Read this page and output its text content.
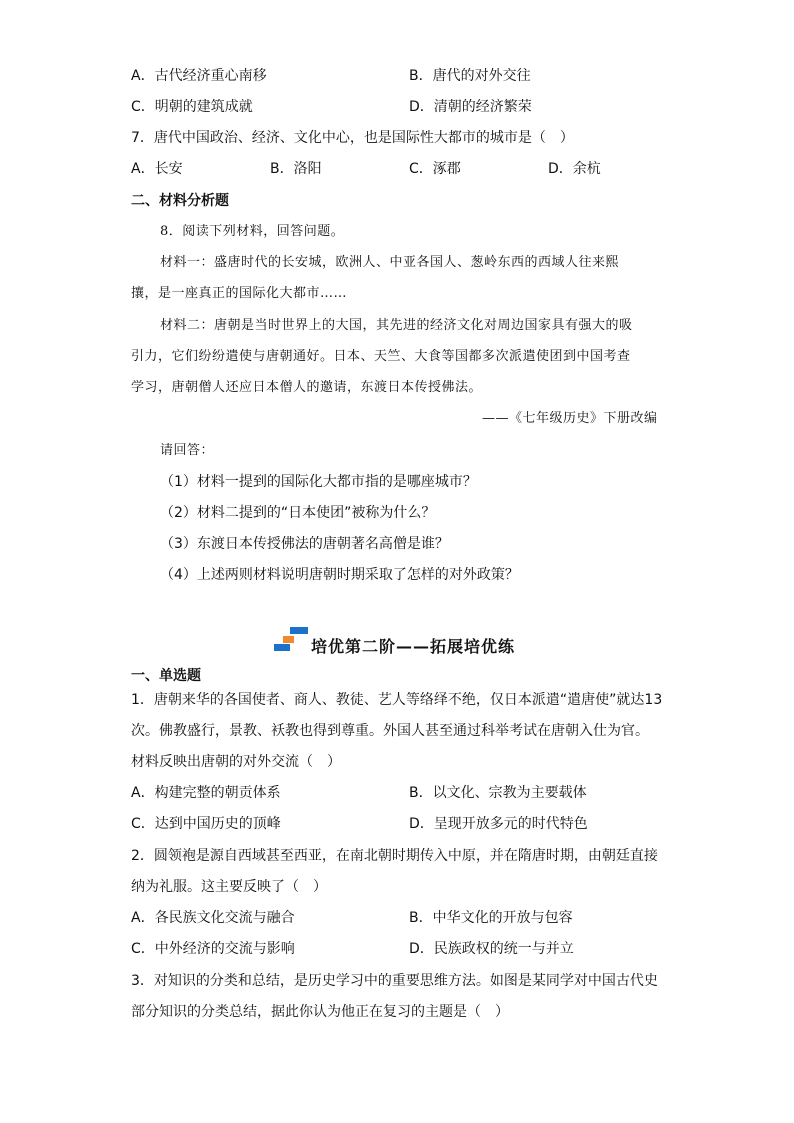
A．古代经济重心南移	B．唐代的对外交往
C．明朝的建筑成就	D．清朝的经济繁荣
7．唐代中国政治、经济、文化中心，也是国际性大都市的城市是（　）
A．长安	B．洛阳	C．涿郡	D．余杭
二、材料分析题
8．阅读下列材料，回答问题。
材料一：盛唐时代的长安城，欧洲人、中亚各国人、葱岭东西的西域人往来熙
攘，是一座真正的国际化大都市……
材料二：唐朝是当时世界上的大国，其先进的经济文化对周边国家具有强大的吸
引力，它们纷纷遣使与唐朝通好。日本、天竺、大食等国都多次派遣使团到中国考查
学习，唐朝僧人还应日本僧人的邀请，东渡日本传授佛法。
——《七年级历史》下册改编
请回答：
（1）材料一提到的国际化大都市指的是哪座城市？
（2）材料二提到的“日本使团”被称为什么？
（3）东渡日本传授佛法的唐朝著名高僧是谁？
（4）上述两则材料说明唐朝时期采取了怎样的对外政策？
培优第二阶——拓展培优练
一、单选题
1．唐朝来华的各国使者、商人、教徒、艺人等络绎不绝，仅日本派遣“遣唐使”就达13
次。佛教盛行，景教、袄教也得到尊重。外国人甚至通过科举考试在唐朝入仕为官。
材料反映出唐朝的对外交流（　）
A．构建完整的朝贡体系	B．以文化、宗教为主要载体
C．达到中国历史的顶峰	D．呈现开放多元的时代特色
2．圆领袍是源自西域甚至西亚，在南北朝时期传入中原，并在隋唐时期，由朝廷直接
纳为礼服。这主要反映了（　）
A．各民族文化交流与融合	B．中华文化的开放与包容
C．中外经济的交流与影响	D．民族政权的统一与并立
3．对知识的分类和总结，是历史学习中的重要思维方法。如图是某同学对中国古代史
部分知识的分类总结，据此你认为他正在复习的主题是（　）
